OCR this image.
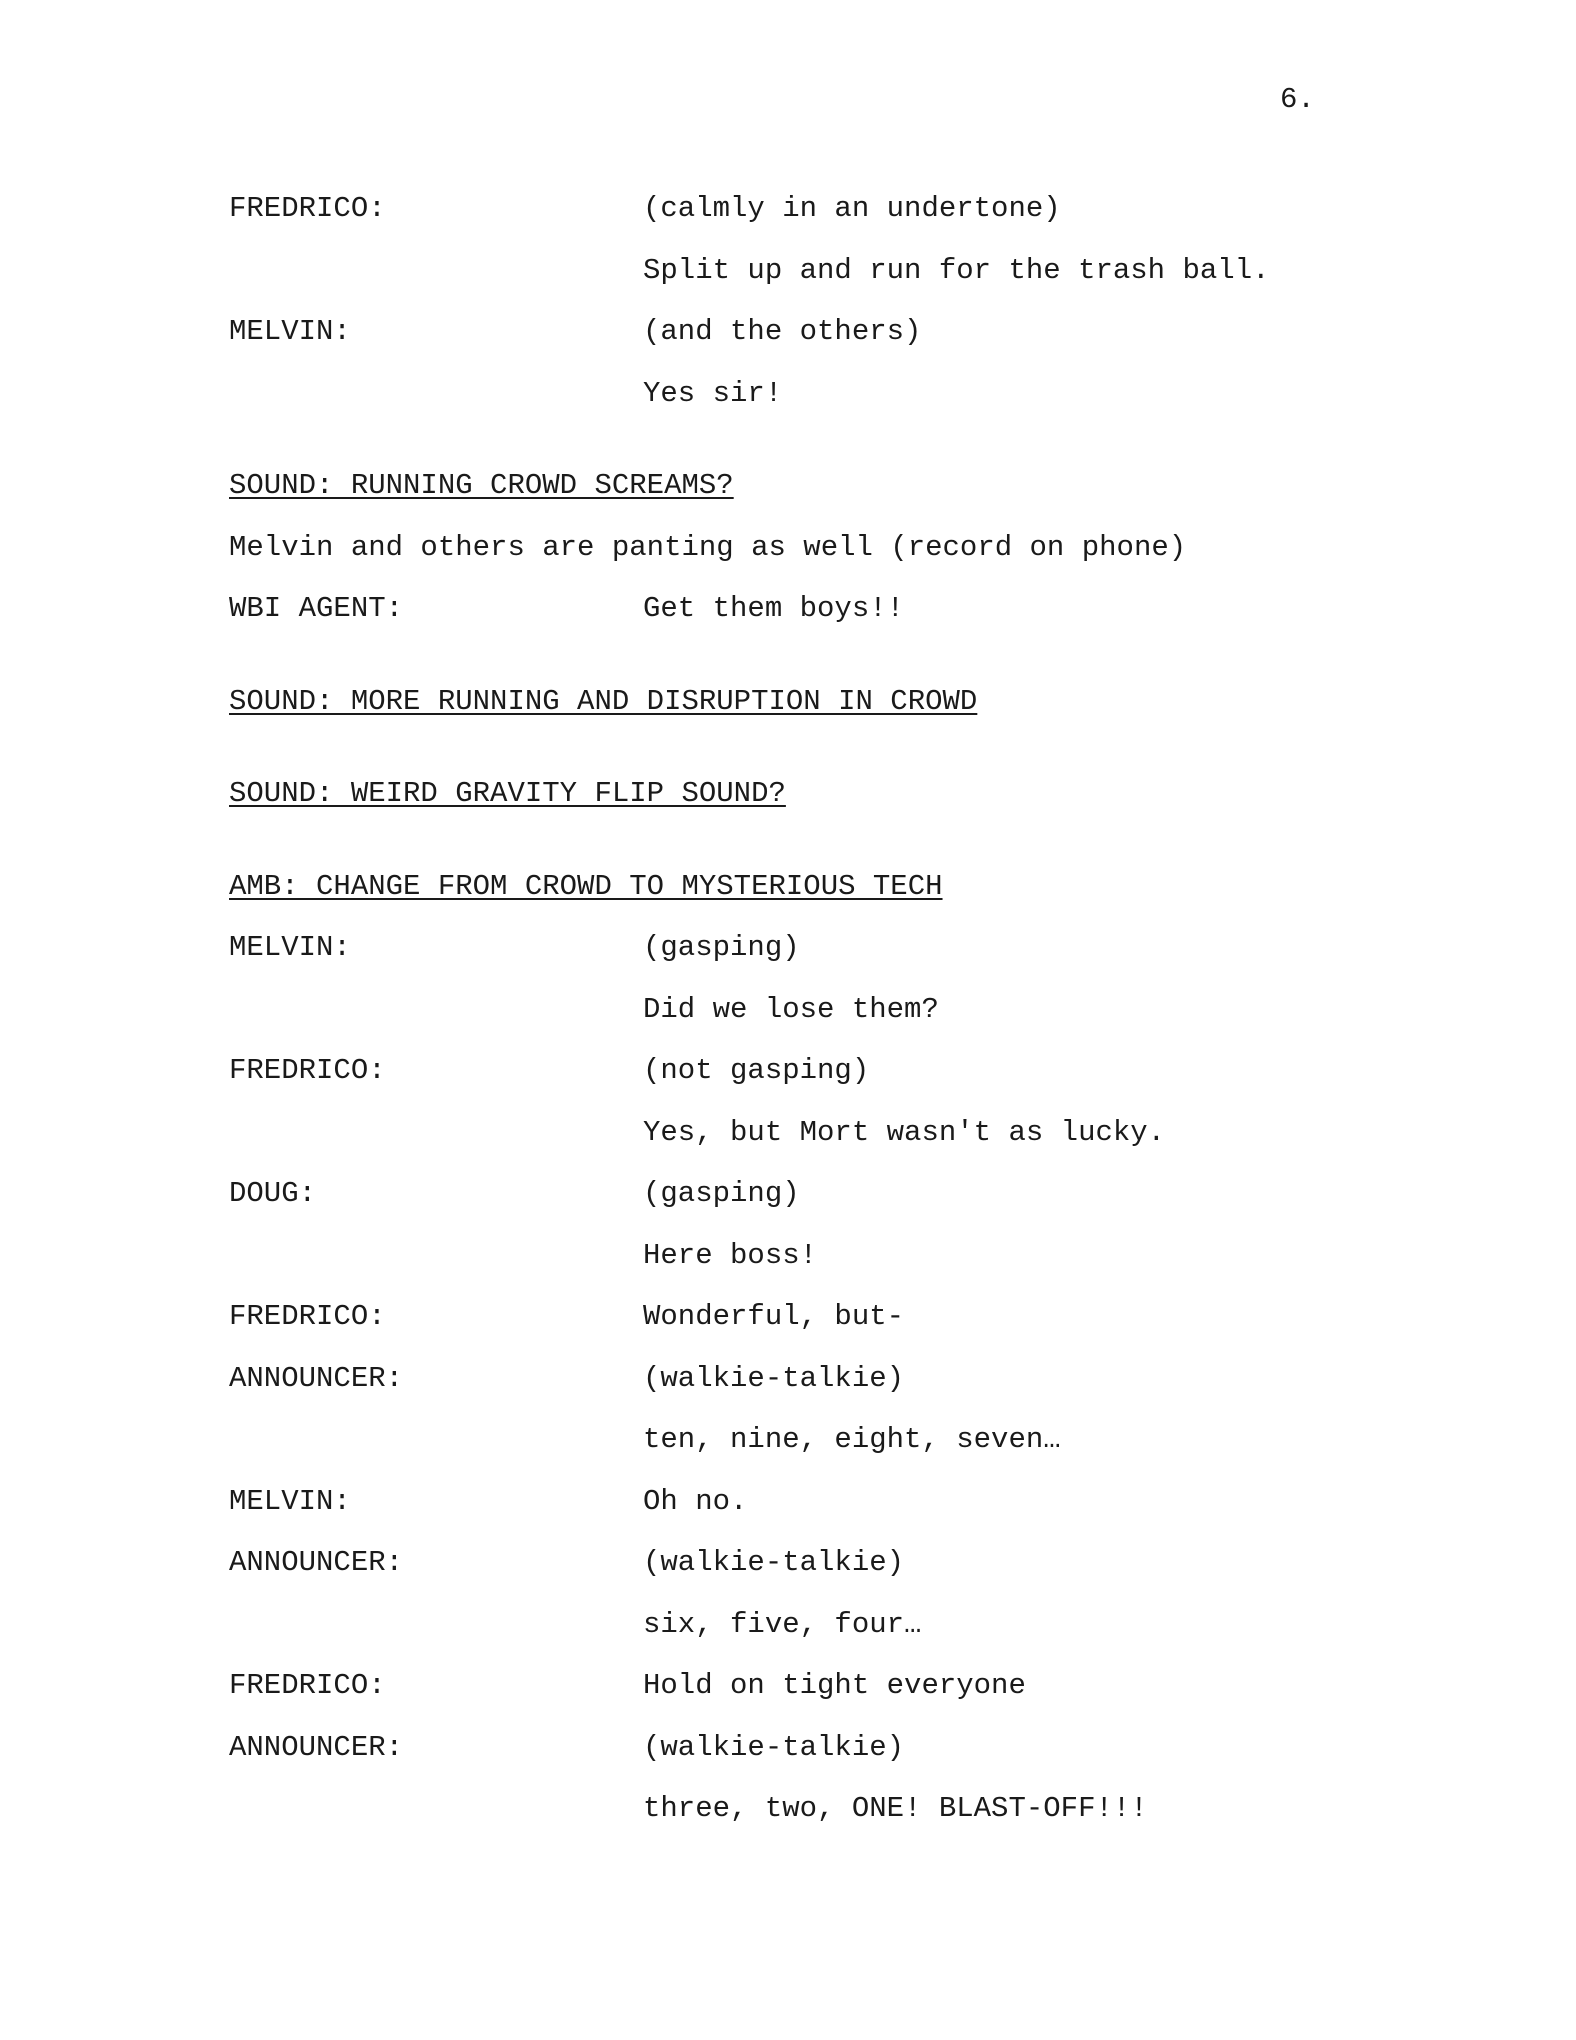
6.

FREDRICO:

	(calmly in an undertone)

Split up and run for the trash ball.

MELVIN:

	(and the others)

Yes sir!

SOUND: RUNNING CROWD SCREAMS?

Melvin and others are panting as well (record on phone)

WBI AGENT:

	Get them boys!!

SOUND: MORE RUNNING AND DISRUPTION IN CROWD

SOUND: WEIRD GRAVITY FLIP SOUND?

AMB: CHANGE FROM CROWD TO MYSTERIOUS TECH

MELVIN:

	(gasping)

Did we lose them?

FREDRICO:

	(not gasping)

Yes, but Mort wasn't as lucky.

DOUG:

	(gasping)

Here boss!

FREDRICO:

	Wonderful, but-

ANNOUNCER:

	(walkie-talkie)

ten, nine, eight, seven…

MELVIN:

	Oh no.

ANNOUNCER:

	(walkie-talkie)

six, five, four…

FREDRICO:

	Hold on tight everyone

ANNOUNCER:

	(walkie-talkie)

three, two, ONE! BLAST-OFF!!!
